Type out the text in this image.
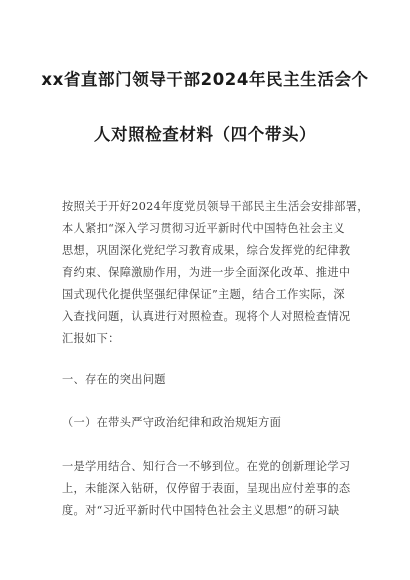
xx省直部门领导干部2024年民主生活会个
人对照检查材料（四个带头）
按照关于开好2024年度党员领导干部民主生活会安排部署，
本人紧扣“深入学习贯彻习近平新时代中国特色社会主义
思想，巩固深化党纪学习教育成果，综合发挥党的纪律教
育约束、保障激励作用，为进一步全面深化改革、推进中
国式现代化提供坚强纪律保证”主题，结合工作实际，深
入查找问题，认真进行对照检查。现将个人对照检查情况
汇报如下：
一、存在的突出问题
（一）在带头严守政治纪律和政治规矩方面
一是学用结合、知行合一不够到位。在党的创新理论学习
上，未能深入钻研，仅停留于表面，呈现出应付差事的态
度。对“习近平新时代中国特色社会主义思想”的研习缺
